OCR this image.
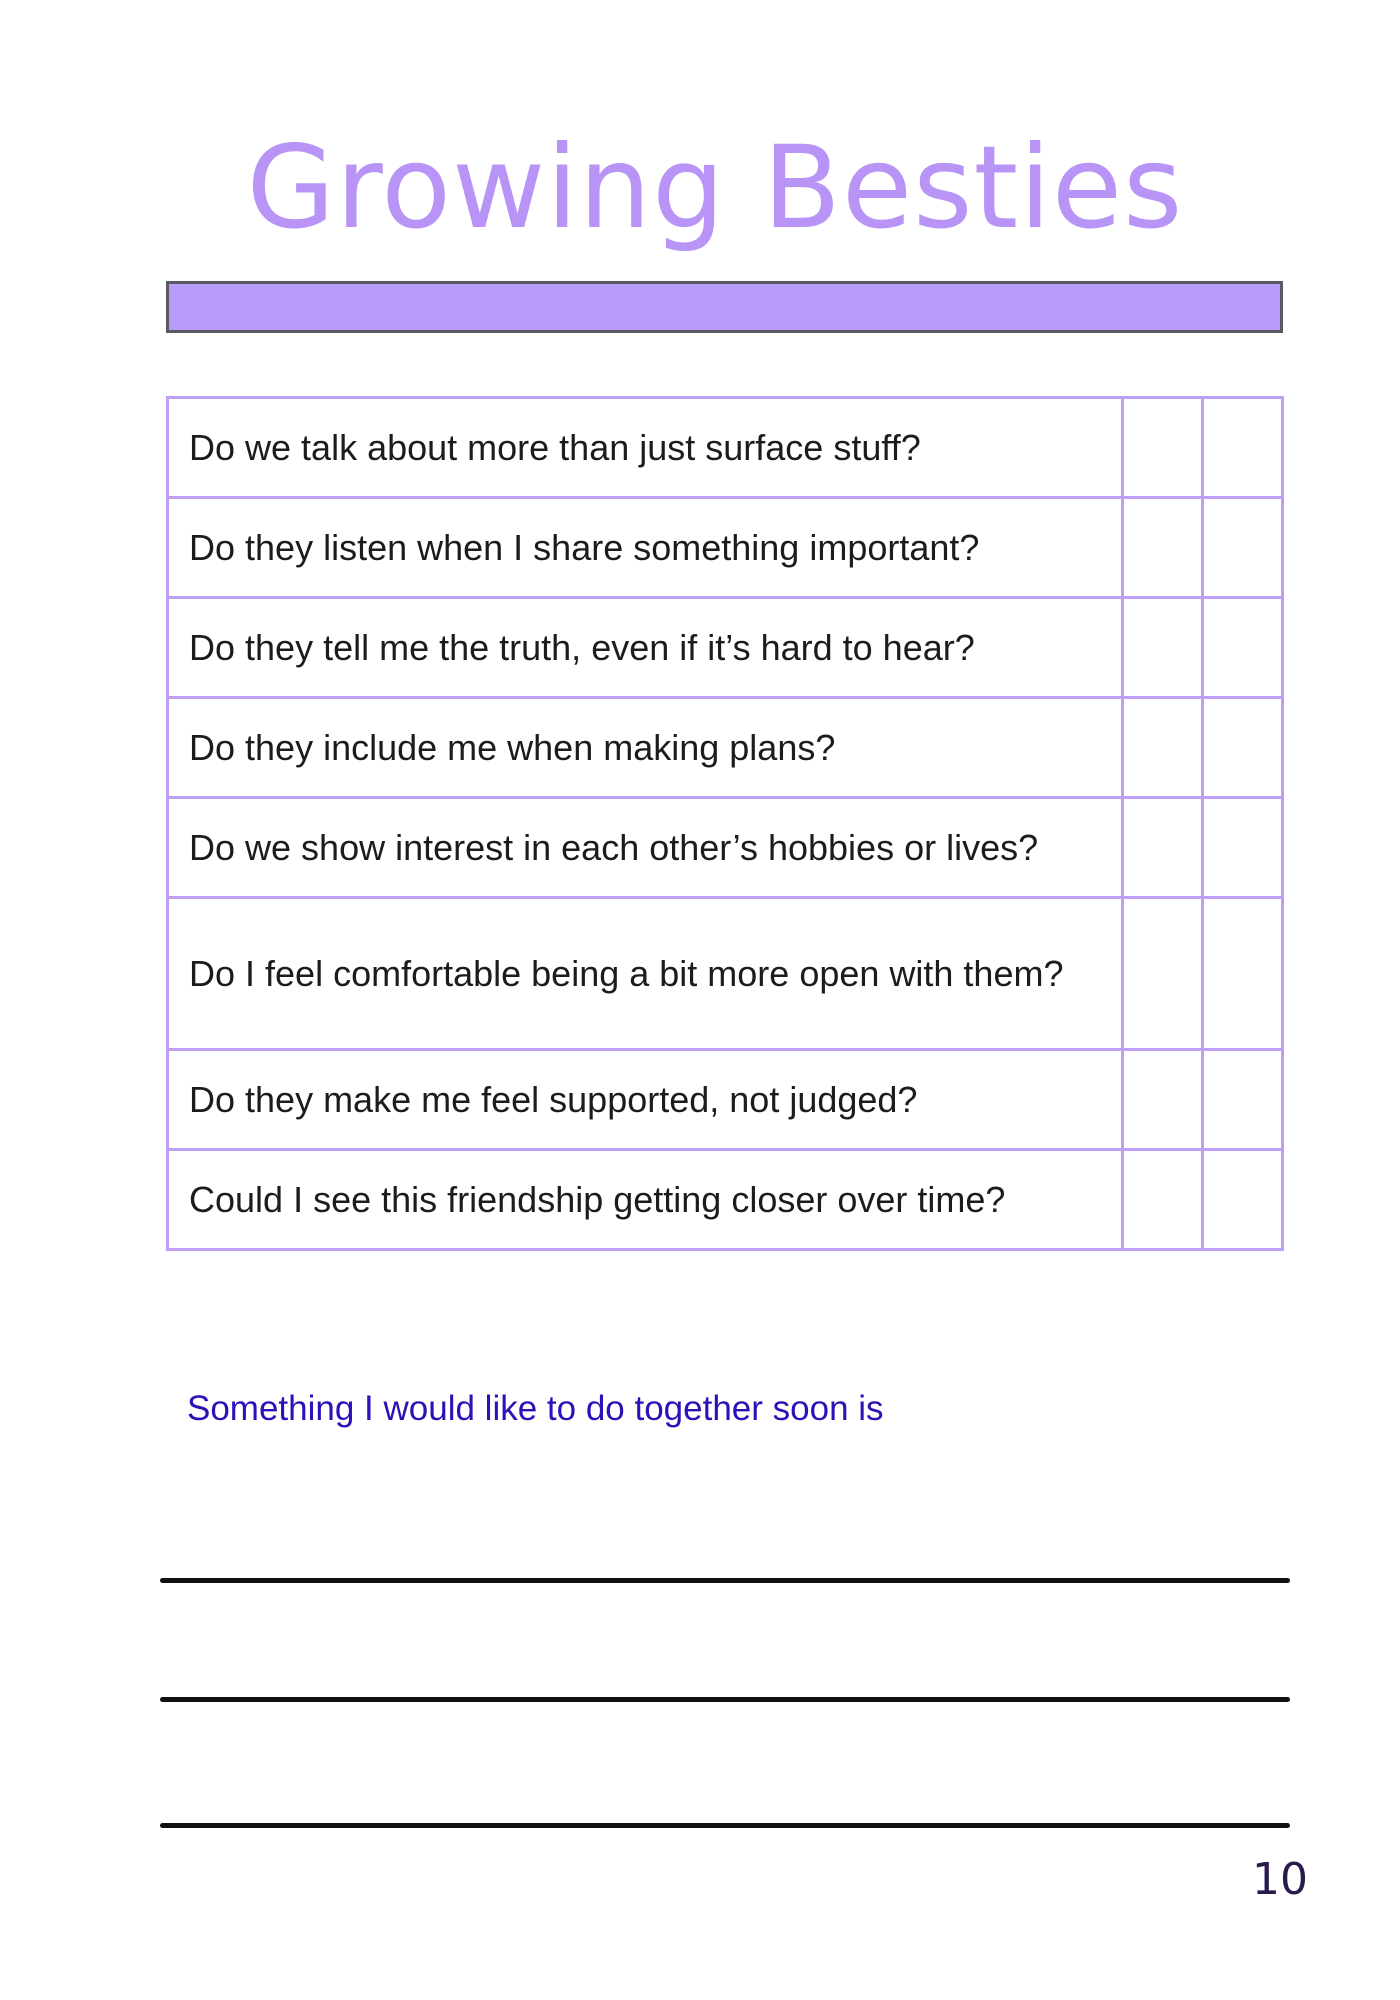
Growing Besties
Do we talk about more than just surface stuff?		
Do they listen when I share something important?		
Do they tell me the truth, even if it’s hard to hear?		
Do they include me when making plans?		
Do we show interest in each other’s hobbies or lives?		
Do I feel comfortable being a bit more open with them?		
Do they make me feel supported, not judged?		
Could I see this friendship getting closer over time?		
Something I would like to do together soon is
10
